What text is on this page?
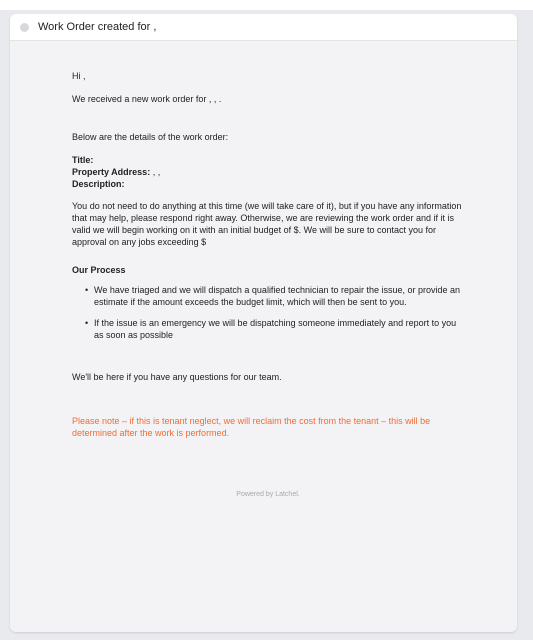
Work Order created for ,

Hi ,

We received a new work order for , , .

Below are the details of the work order:

Title:

Property Address: , ,

Description:

You do not need to do anything at this time (we will take care of it), but if you have any information that may help, please respond right away. Otherwise, we are reviewing the work order and if it is valid we will begin working on it with an initial budget of $. We will be sure to contact you for approval on any jobs exceeding $

Our Process

• We have triaged and we will dispatch a qualified technician to repair the issue, or provide an estimate if the amount exceeds the budget limit, which will then be sent to you.
• If the issue is an emergency we will be dispatching someone immediately and report to you as soon as possible

We'll be here if you have any questions for our team.

Please note – if this is tenant neglect, we will reclaim the cost from the tenant – this will be determined after the work is performed.

Powered by Latchel.
